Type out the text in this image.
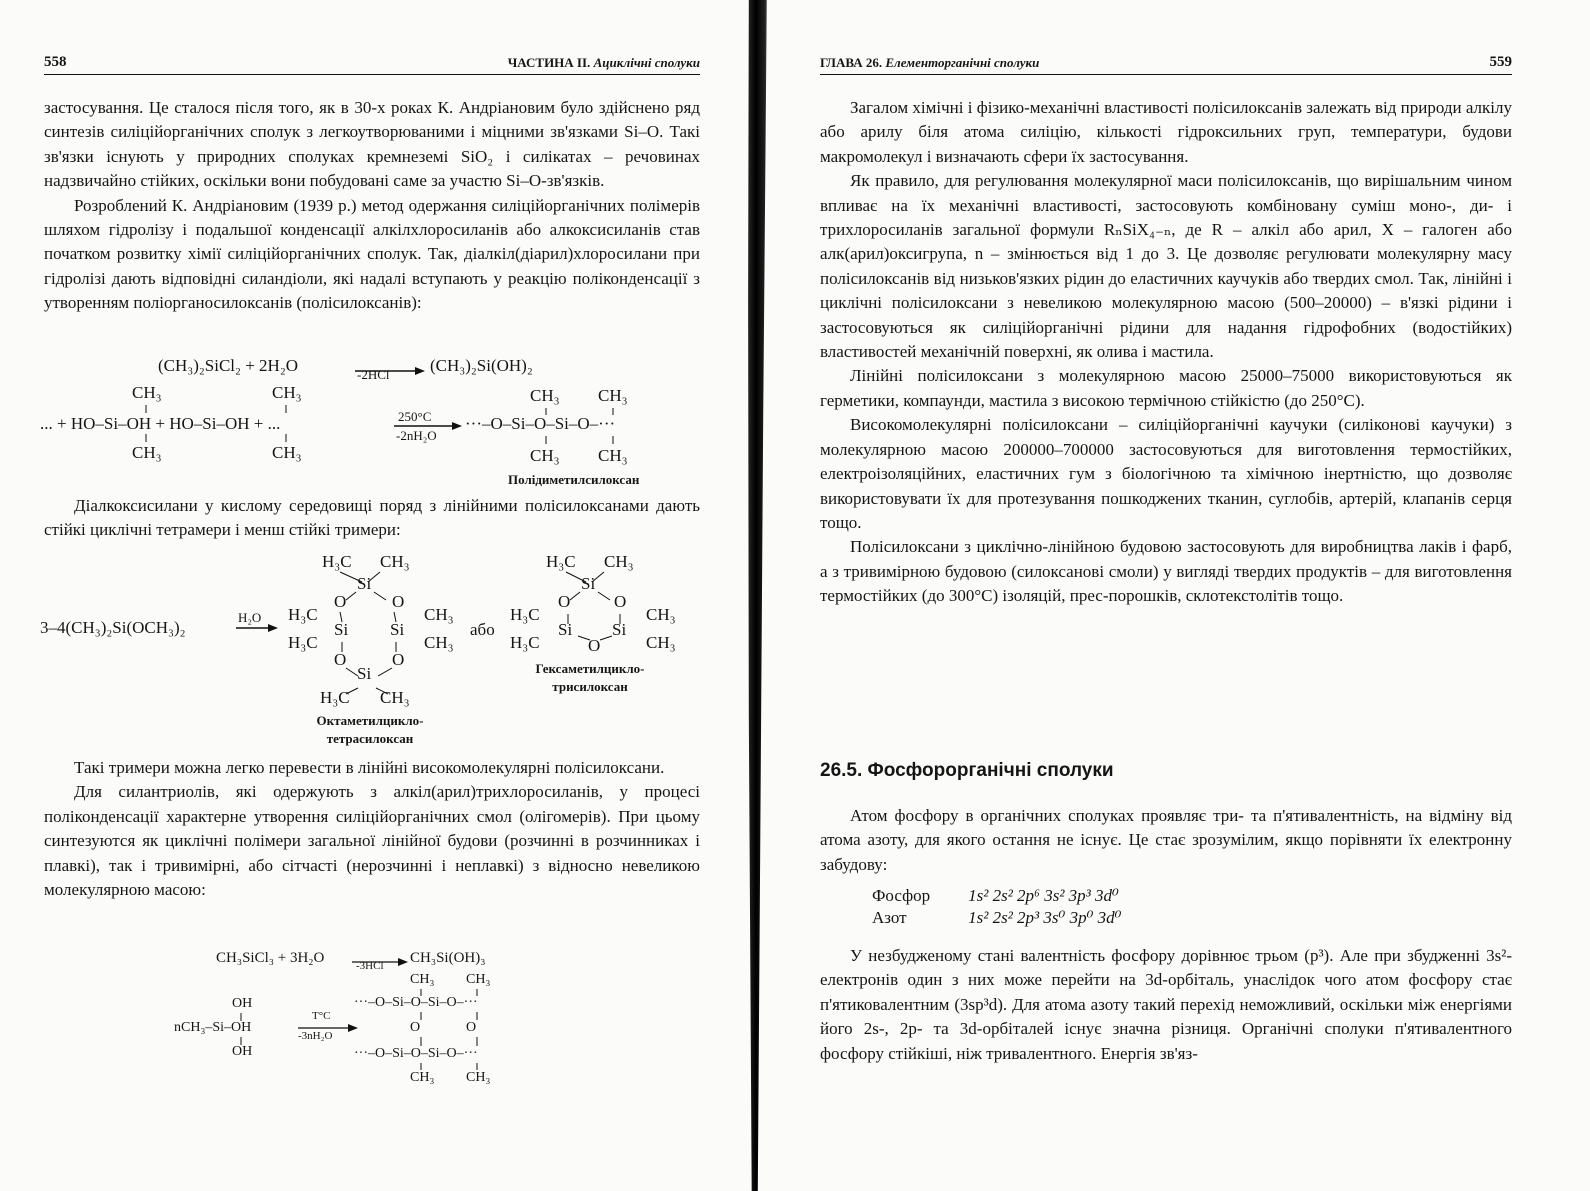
558	ЧАСТИНА II. Ациклічні сполуки

застосування. Це сталося після того, як в 30-х роках К. Андріановим було здійснено ряд синтезів силіційорганічних сполук з легкоутворюваними і міцними зв'язками Si–O. Такі зв'язки існують у природних сполуках кремнеземі SiO₂ і силікатах – речовинах надзвичайно стійких, оскільки вони побудовані саме за участю Si–O-зв'язків.

Розроблений К. Андріановим (1939 р.) метод одержання силіційорганічних полімерів шляхом гідролізу і подальшої конденсації алкілхлоросиланів або алкоксисиланів став початком розвитку хімії силіційорганічних сполук. Так, діалкіл(діарил)хлоросилани при гідролізі дають відповідні силандіоли, які надалі вступають у реакцію поліконденсації з утворенням поліорганосилоксанів (полісилоксанів):

(CH₃)₂SiCl₂ + 2H₂O	-2HCl (CH₃)₂Si(OH)₂
CH₃	CH₃	CH₃ CH₃
... + HO–Si–OH + HO–Si–OH + ...	250°C
-2nH₂O
···–O–Si–O–Si–O–···
CH₃	CH₃	CH₃ CH₃
Полідиметилсилоксан

Діалкоксисилани у кислому середовищі поряд з лінійними полісилоксанами дають стійкі циклічні тетрамери і менш стійкі тримери:

3–4(CH₃)₂Si(OCH₃)₂
H₂O
H₃C CH₃
Si
O	O
H₃C
H₃C
Si Si
CH₃
CH₃
O	O
Si
H₃C CH₃
Октаметилцикло-тетрасилоксан
або
H₃C CH₃
Si
O	O
H₃C
H₃C
Si Si
CH₃
CH₃
O
Гексаметилцикло-трисилоксан

Такі тримери можна легко перевести в лінійні високомолекулярні полісилоксани.

Для силантриолів, які одержують з алкіл(арил)трихлоросиланів, у процесі поліконденсації характерне утворення силіційорганічних смол (олігомерів). При цьому синтезуются як циклічні полімери загальної лінійної будови (розчинні в розчинниках і плавкі), так і тривимірні, або сітчасті (нерозчинні і неплавкі) з відносно невеликою молекулярною масою:

CH₃SiCl₃ + 3H₂O	-3HCl CH₃Si(OH)₃
CH₃ CH₃
···–O–Si–O–Si–O–···
OH
nCH₃–Si–OH
T°C
-3nH₂O
O	O
OH	···–O–Si–O–Si–O–···
CH₃ CH₃
ГЛАВА 26. Елементорганічні сполуки	559

Загалом хімічні і фізико-механічні властивості полісилоксанів залежать від природи алкілу або арилу біля атома силіцію, кількості гідроксильних груп, температури, будови макромолекул і визначають сфери їх застосування.

Як правило, для регулювання молекулярної маси полісилоксанів, що вирішальним чином впливає на їх механічні властивості, застосовують комбіновану суміш моно-, ди- і трихлоросиланів загальної формули RₙSiX₄₋ₙ, де R – алкіл або арил, X – галоген або алк(арил)оксигрупа, n – змінюється від 1 до 3. Це дозволяє регулювати молекулярну масу полісилоксанів від низьков'язких рідин до еластичних каучуків або твердих смол. Так, лінійні і циклічні полісилоксани з невеликою молекулярною масою (500–20000) – в'язкі рідини і застосовуються як силіційорганічні рідини для надання гідрофобних (водостійких) властивостей механічній поверхні, як олива і мастила.

Лінійні полісилоксани з молекулярною масою 25000–75000 використовуються як герметики, компаунди, мастила з високою термічною стійкістю (до 250°C).

Високомолекулярні полісилоксани – силіційорганічні каучуки (силіконові каучуки) з молекулярною масою 200000–700000 застосовуються для виготовлення термостійких, електроізоляційних, еластичних гум з біологічною та хімічною інертністю, що дозволяє використовувати їх для протезування пошкоджених тканин, суглобів, артерій, клапанів серця тощо.

Полісилоксани з циклічно-лінійною будовою застосовують для виробництва лаків і фарб, а з тривимірною будовою (силоксанові смоли) у вигляді твердих продуктів – для виготовлення термостійких (до 300°C) ізоляцій, прес-порошків, склотекстолітів тощо.

26.5. Фосфорорганічні сполуки

Атом фосфору в органічних сполуках проявляє три- та п'ятивалентність, на відміну від атома азоту, для якого остання не існує. Це стає зрозумілим, якщо порівняти їх електронну забудову:

Фосфор	1s² 2s² 2p⁶ 3s² 3p³ 3d⁰
Азот	1s² 2s² 2p³ 3s⁰ 3p⁰ 3d⁰

У незбудженому стані валентність фосфору дорівнює трьом (p³). Але при збудженні 3s²-електронів один з них може перейти на 3d-орбіталь, унаслідок чого атом фосфору стає п'ятиковалентним (3sp³d). Для атома азоту такий перехід неможливий, оскільки між енергіями його 2s-, 2p- та 3d-орбіталей існує значна різниця. Органічні сполуки п'ятивалентного фосфору стійкіші, ніж тривалентного. Енергія зв'яз-
